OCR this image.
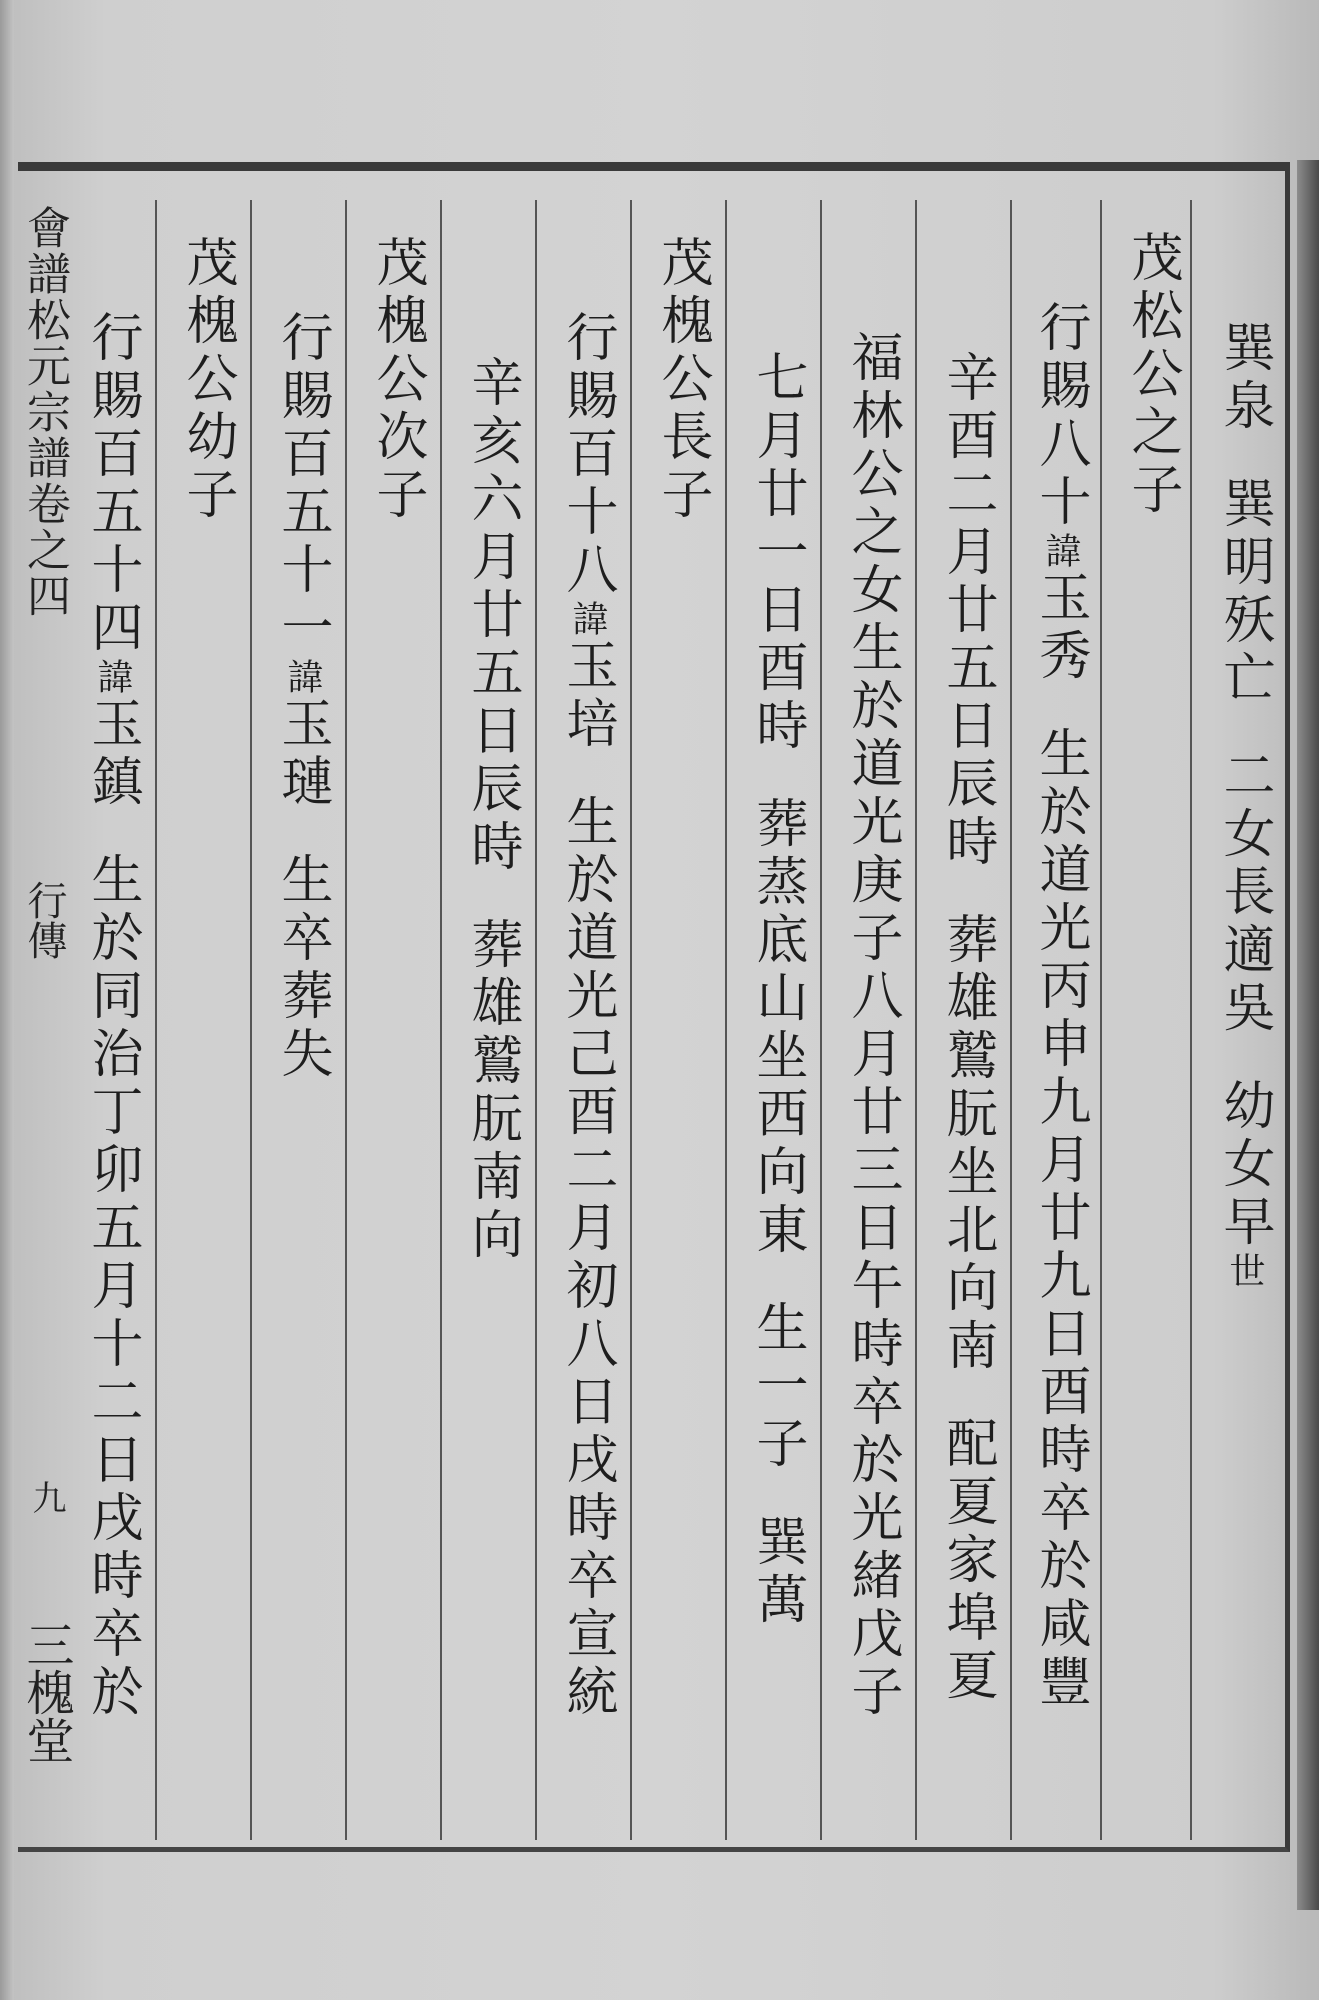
會譜松元宗譜卷之四
行傳
九
三槐堂
巽泉巽明殀亡二女長適吳幼女早世
茂松公之子
行賜八十諱玉秀生於道光丙申九月廿九日酉時卒於咸豐
辛酉二月廿五日辰時葬雄鷲朊坐北向南配夏家埠夏
福林公之女生於道光庚子八月廿三日午時卒於光緒戊子
七月廿一日酉時葬蒸底山坐西向東生一子巽萬
茂槐公長子
行賜百十八諱玉培生於道光己酉二月初八日戌時卒宣統
辛亥六月廿五日辰時葬雄鷲朊南向
茂槐公次子
行賜百五十一諱玉璉生卒葬失
茂槐公幼子
行賜百五十四諱玉鎮生於同治丁卯五月十二日戌時卒於
